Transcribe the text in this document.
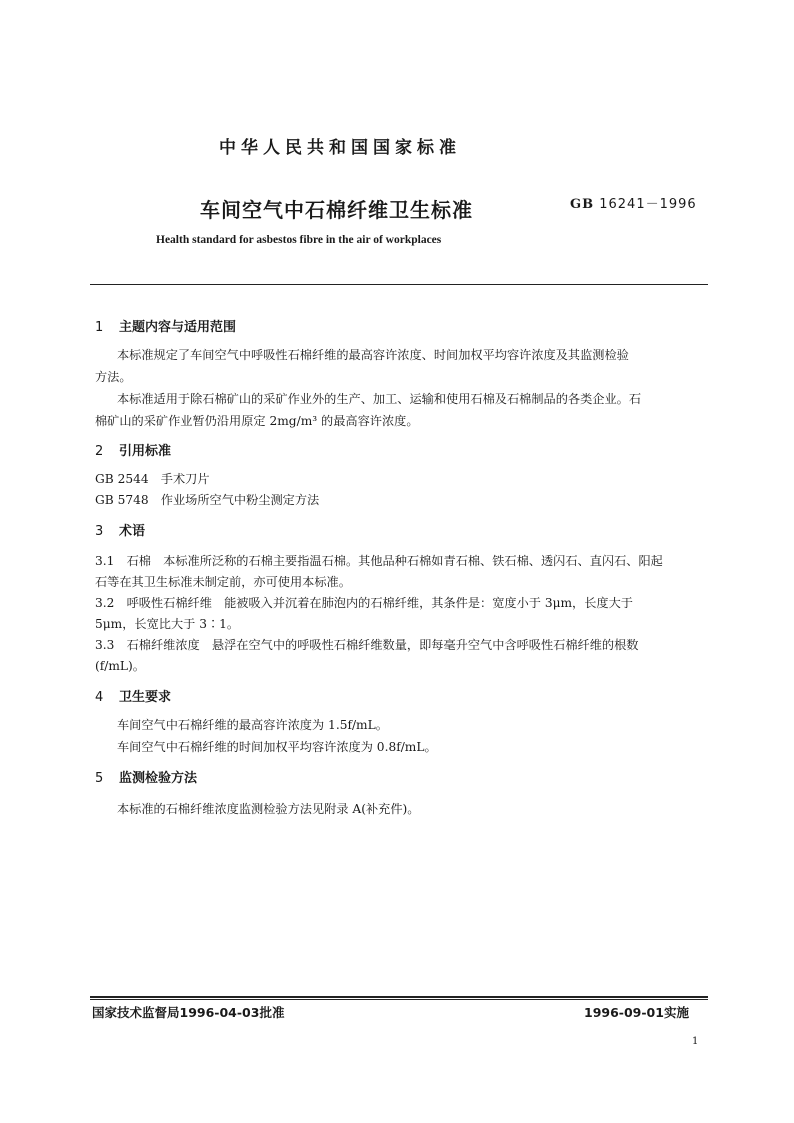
中华人民共和国国家标准
车间空气中石棉纤维卫生标准	GB 16241－1996
Health standard for asbestos fibre in the air of workplaces
1 主题内容与适用范围
本标准规定了车间空气中呼吸性石棉纤维的最高容许浓度、时间加权平均容许浓度及其监测检验
方法。
本标准适用于除石棉矿山的采矿作业外的生产、加工、运输和使用石棉及石棉制品的各类企业。石
棉矿山的采矿作业暂仍沿用原定 2mg/m³ 的最高容许浓度。
2 引用标准
GB 2544　手术刀片
GB 5748　作业场所空气中粉尘测定方法
3 术语
3.1　石棉　本标准所泛称的石棉主要指温石棉。其他品种石棉如青石棉、铁石棉、透闪石、直闪石、阳起
石等在其卫生标准未制定前，亦可使用本标准。
3.2　呼吸性石棉纤维　能被吸入并沉着在肺泡内的石棉纤维，其条件是：宽度小于 3μm，长度大于
5μm，长宽比大于 3∶1。
3.3　石棉纤维浓度　悬浮在空气中的呼吸性石棉纤维数量，即每毫升空气中含呼吸性石棉纤维的根数
(f/mL)。
4 卫生要求
车间空气中石棉纤维的最高容许浓度为 1.5f/mL。
车间空气中石棉纤维的时间加权平均容许浓度为 0.8f/mL。
5 监测检验方法
本标准的石棉纤维浓度监测检验方法见附录 A(补充件)。
国家技术监督局1996-04-03批准	1996-09-01实施
1
